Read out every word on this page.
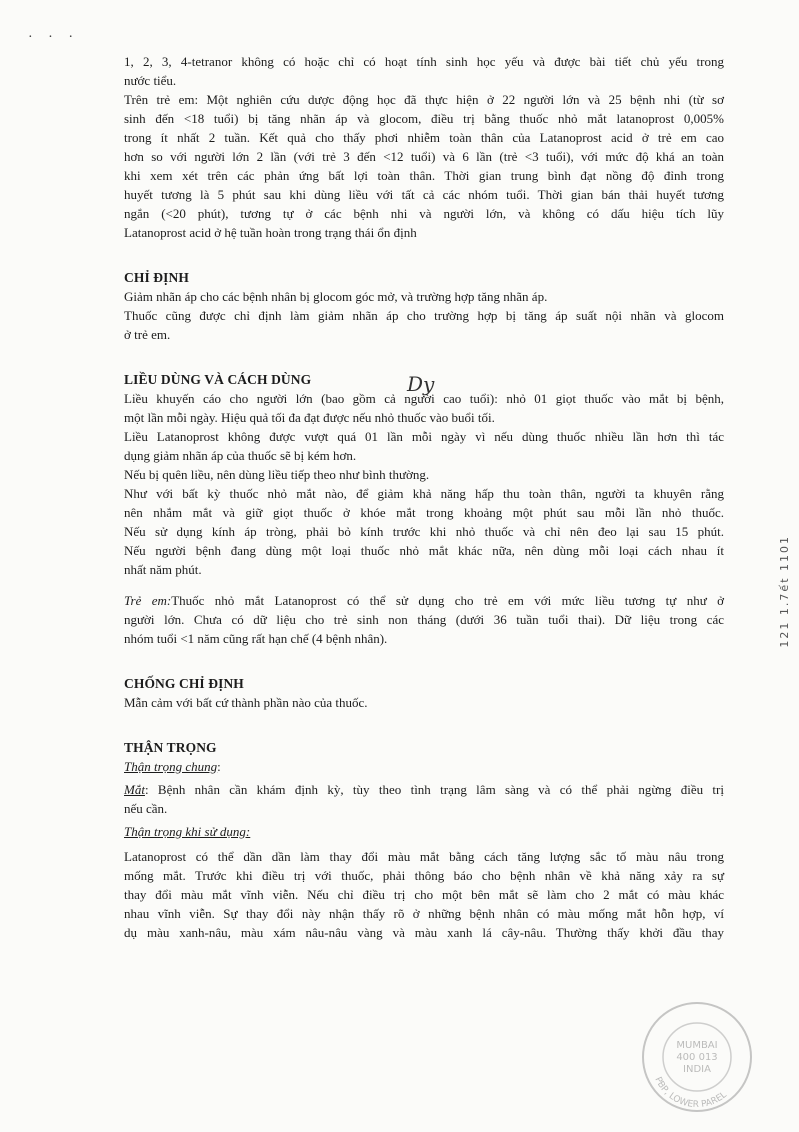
· · ·
121 1.7ết 1101
Dy
1, 2, 3, 4-tetranor không có hoặc chỉ có hoạt tính sinh học yếu và được bài tiết chủ yếu trong
nước tiểu.
Trên trẻ em: Một nghiên cứu dược động học đã thực hiện ở 22 người lớn và 25 bệnh nhi (từ sơ
sinh đến <18 tuổi) bị tăng nhãn áp và glocom, điều trị bằng thuốc nhỏ mắt latanoprost 0,005%
trong ít nhất 2 tuần. Kết quả cho thấy phơi nhiễm toàn thân của Latanoprost acid ở trẻ em cao
hơn so với người lớn 2 lần (với trẻ 3 đến <12 tuổi) và 6 lần (trẻ <3 tuổi), với mức độ khá an toàn
khi xem xét trên các phản ứng bất lợi toàn thân. Thời gian trung bình đạt nồng độ đỉnh trong
huyết tương là 5 phút sau khi dùng liều với tất cả các nhóm tuổi. Thời gian bán thải huyết tương
ngắn (<20 phút), tương tự ở các bệnh nhi và người lớn, và không có dấu hiệu tích lũy
Latanoprost acid ở hệ tuần hoàn trong trạng thái ổn định
CHỈ ĐỊNH
Giảm nhãn áp cho các bệnh nhân bị glocom góc mở, và trường hợp tăng nhãn áp.
Thuốc cũng được chỉ định làm giảm nhãn áp cho trường hợp bị tăng áp suất nội nhãn và glocom
ở trẻ em.
LIỀU DÙNG VÀ CÁCH DÙNG
Liều khuyến cáo cho người lớn (bao gồm cả người cao tuổi): nhỏ 01 giọt thuốc vào mắt bị bệnh,
một lần mỗi ngày. Hiệu quả tối đa đạt được nếu nhỏ thuốc vào buổi tối.
Liều Latanoprost không được vượt quá 01 lần mỗi ngày vì nếu dùng thuốc nhiều lần hơn thì tác
dụng giảm nhãn áp của thuốc sẽ bị kém hơn.
Nếu bị quên liều, nên dùng liều tiếp theo như bình thường.
Như với bất kỳ thuốc nhỏ mắt nào, để giảm khả năng hấp thu toàn thân, người ta khuyên rằng
nên nhắm mắt và giữ giọt thuốc ở khóe mắt trong khoảng một phút sau mỗi lần nhỏ thuốc.
Nếu sử dụng kính áp tròng, phải bỏ kính trước khi nhỏ thuốc và chỉ nên đeo lại sau 15 phút.
Nếu người bệnh đang dùng một loại thuốc nhỏ mắt khác nữa, nên dùng mỗi loại cách nhau ít
nhất năm phút.
Trẻ em:Thuốc nhỏ mắt Latanoprost có thể sử dụng cho trẻ em với mức liều tương tự như ở
người lớn. Chưa có dữ liệu cho trẻ sinh non tháng (dưới 36 tuần tuổi thai). Dữ liệu trong các
nhóm tuổi <1 năm cũng rất hạn chế (4 bệnh nhân).
CHỐNG CHỈ ĐỊNH
Mẫn cảm với bất cứ thành phần nào của thuốc.
THẬN TRỌNG
Thận trọng chung:
Mắt: Bệnh nhân cần khám định kỳ, tùy theo tình trạng lâm sàng và có thể phải ngừng điều trị
nếu cần.
Thận trọng khi sử dụng:
Latanoprost có thể dần dần làm thay đổi màu mắt bằng cách tăng lượng sắc tố màu nâu trong
mống mắt. Trước khi điều trị với thuốc, phải thông báo cho bệnh nhân về khả năng xảy ra sự
thay đổi màu mắt vĩnh viễn. Nếu chỉ điều trị cho một bên mắt sẽ làm cho 2 mắt có màu khác
nhau vĩnh viễn. Sự thay đổi này nhận thấy rõ ở những bệnh nhân có màu mống mắt hỗn hợp, ví
dụ màu xanh-nâu, màu xám nâu-nâu vàng và màu xanh lá cây-nâu. Thường thấy khởi đầu thay
PBP, LOWER PAREL
MUMBAI
400 013
INDIA
